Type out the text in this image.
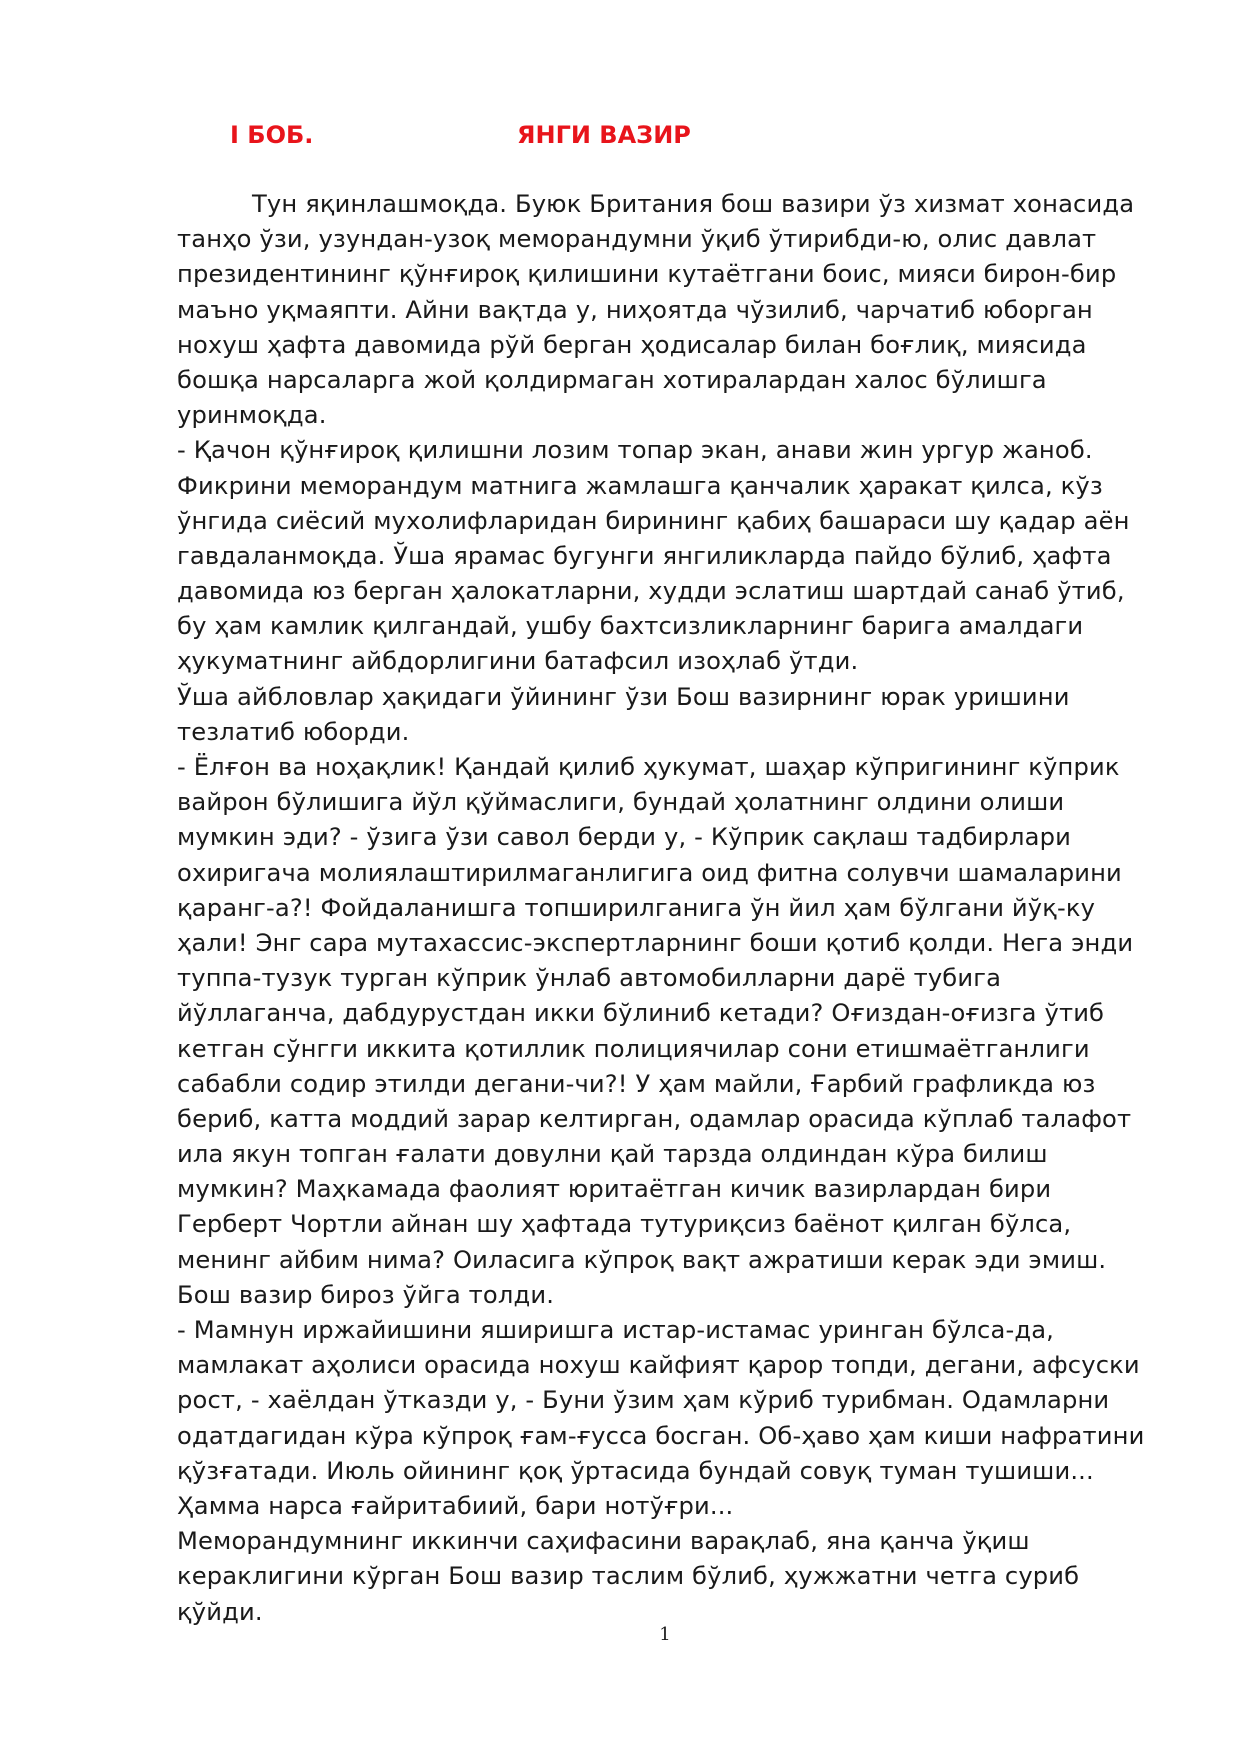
I БОБ.	ЯНГИ ВАЗИР
Тун яқинлашмоқда. Буюк Британия бош вазири ўз хизмат хонасида
танҳо ўзи, узундан-узоқ меморандумни ўқиб ўтирибди-ю, олис давлат
президентининг қўнғироқ қилишини кутаётгани боис, мияси бирон-бир
маъно уқмаяпти. Айни вақтда у, ниҳоятда чўзилиб, чарчатиб юборган
нохуш ҳафта давомида рўй берган ҳодисалар билан боғлиқ, миясида
бошқа нарсаларга жой қолдирмаган хотиралардан халос бўлишга
уринмоқда.
- Қачон қўнғироқ қилишни лозим топар экан, анави жин ургур жаноб.
Фикрини меморандум матнига жамлашга қанчалик ҳаракат қилса, кўз
ўнгида сиёсий мухолифларидан бирининг қабиҳ башараси шу қадар аён
гавдаланмоқда. Ўша ярамас бугунги янгиликларда пайдо бўлиб, ҳафта
давомида юз берган ҳалокатларни, худди эслатиш шартдай санаб ўтиб,
бу ҳам камлик қилгандай, ушбу бахтсизликларнинг барига амалдаги
ҳукуматнинг айбдорлигини батафсил изоҳлаб ўтди.
Ўша айбловлар ҳақидаги ўйининг ўзи Бош вазирнинг юрак уришини
тезлатиб юборди.
- Ёлғон ва ноҳақлик! Қандай қилиб ҳукумат, шаҳар кўпригининг кўприк
вайрон бўлишига йўл қўймаслиги, бундай ҳолатнинг олдини олиши
мумкин эди? - ўзига ўзи савол берди у, - Кўприк сақлаш тадбирлари
охиригача молиялаштирилмаганлигига оид фитна солувчи шамаларини
қаранг-а?! Фойдаланишга топширилганига ўн йил ҳам бўлгани йўқ-ку
ҳали! Энг сара мутахассис-экспертларнинг боши қотиб қолди. Нега энди
туппа-тузук турган кўприк ўнлаб автомобилларни дарё тубига
йўллаганча, дабдурустдан икки бўлиниб кетади? Оғиздан-оғизга ўтиб
кетган сўнгги иккита қотиллик полициячилар сони етишмаётганлиги
сабабли содир этилди дегани-чи?! У ҳам майли, Ғарбий графликда юз
бериб, катта моддий зарар келтирган, одамлар орасида кўплаб талафот
ила якун топган ғалати довулни қай тарзда олдиндан кўра билиш
мумкин? Маҳкамада фаолият юритаётган кичик вазирлардан бири
Герберт Чортли айнан шу ҳафтада тутуриқсиз баёнот қилган бўлса,
менинг айбим нима? Оиласига кўпроқ вақт ажратиши керак эди эмиш.
Бош вазир бироз ўйга толди.
- Мамнун иржайишини яширишга истар-истамас уринган бўлса-да,
мамлакат аҳолиси орасида нохуш кайфият қарор топди, дегани, афсуски
рост, - хаёлдан ўтказди у, - Буни ўзим ҳам кўриб турибман. Одамларни
одатдагидан кўра кўпроқ ғам-ғусса босган. Об-ҳаво ҳам киши нафратини
қўзғатади. Июль ойининг қоқ ўртасида бундай совуқ туман тушиши...
Ҳамма нарса ғайритабиий, бари нотўғри...
Меморандумнинг иккинчи саҳифасини варақлаб, яна қанча ўқиш
кераклигини кўрган Бош вазир таслим бўлиб, ҳужжатни четга суриб
қўйди.
1
